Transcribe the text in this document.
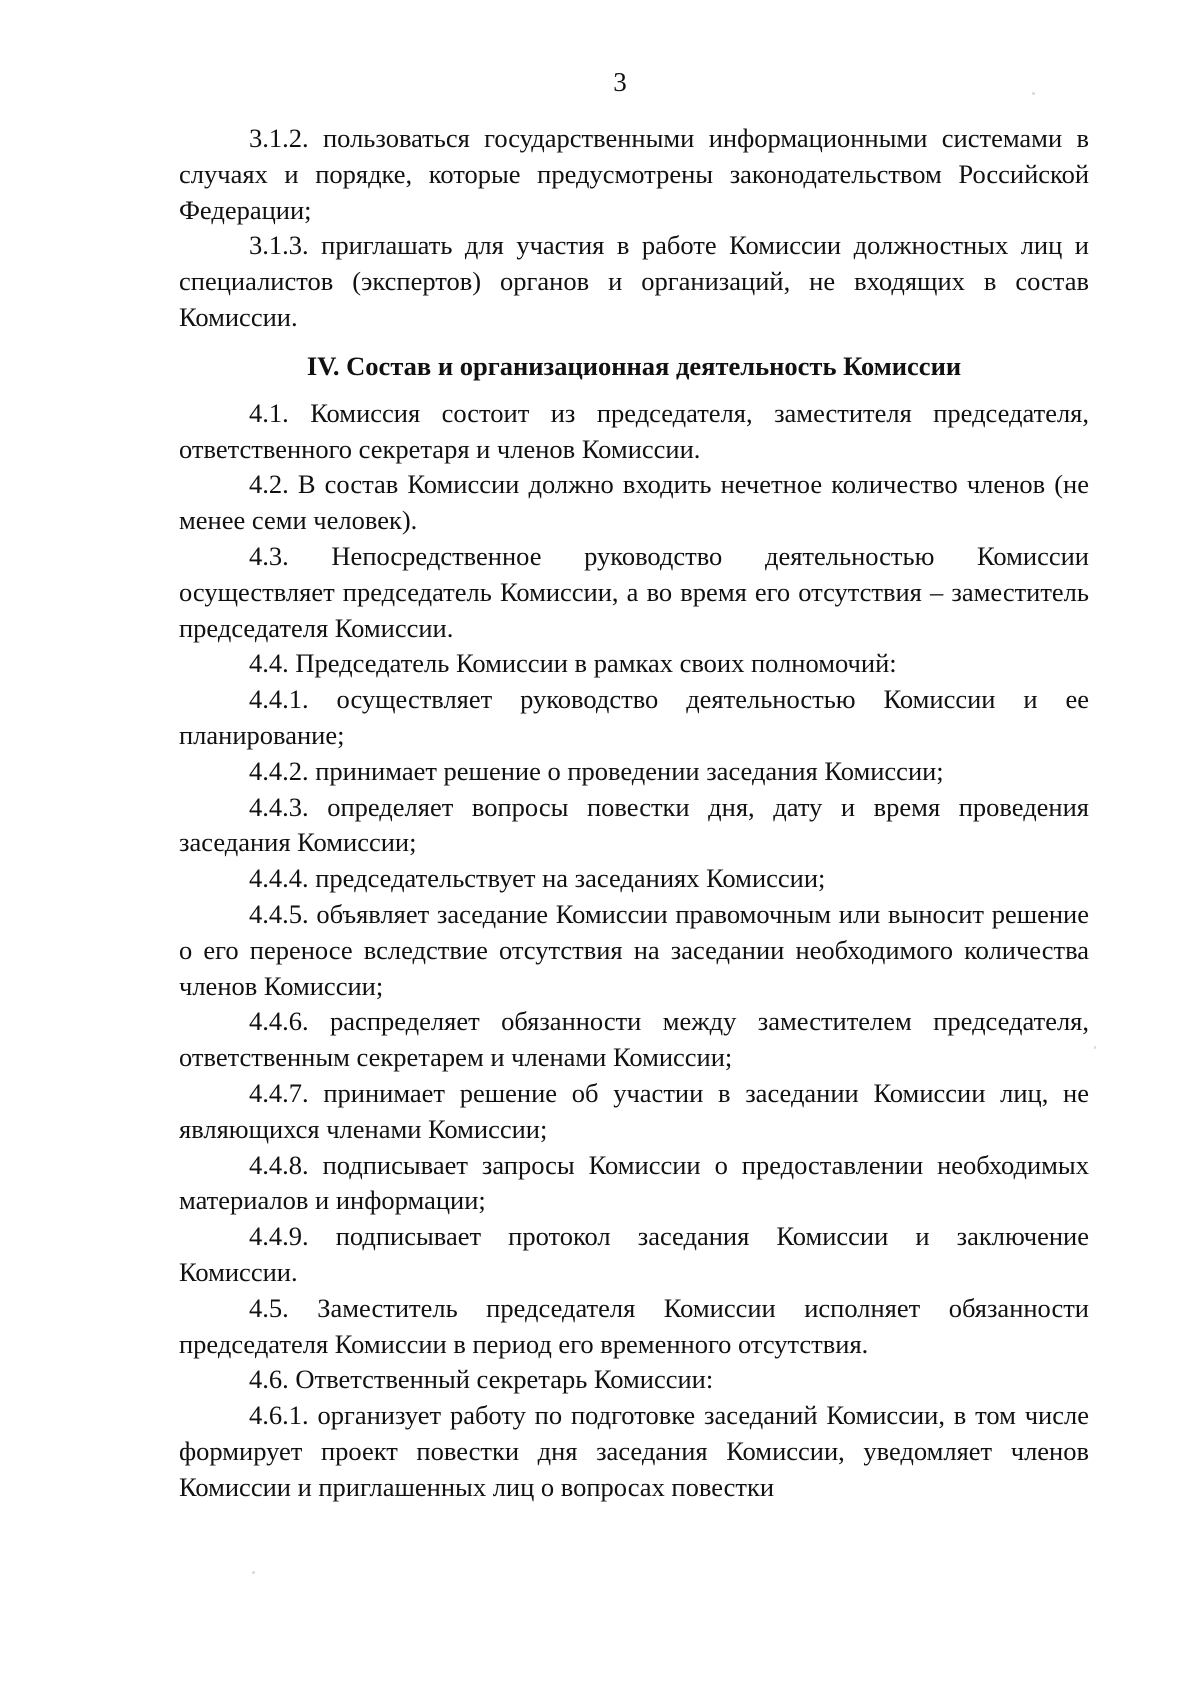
3

3.1.2. пользоваться государственными информационными системами в случаях и порядке, которые предусмотрены законодательством Российской Федерации;

3.1.3. приглашать для участия в работе Комиссии должностных лиц и специалистов (экспертов) органов и организаций, не входящих в состав Комиссии.

IV. Состав и организационная деятельность Комиссии

4.1. Комиссия состоит из председателя, заместителя председателя, ответственного секретаря и членов Комиссии.

4.2. В состав Комиссии должно входить нечетное количество членов (не менее семи человек).

4.3. Непосредственное руководство деятельностью Комиссии осуществляет председатель Комиссии, а во время его отсутствия – заместитель председателя Комиссии.

4.4. Председатель Комиссии в рамках своих полномочий:

4.4.1. осуществляет руководство деятельностью Комиссии и ее планирование;

4.4.2. принимает решение о проведении заседания Комиссии;

4.4.3. определяет вопросы повестки дня, дату и время проведения заседания Комиссии;

4.4.4. председательствует на заседаниях Комиссии;

4.4.5. объявляет заседание Комиссии правомочным или выносит решение о его переносе вследствие отсутствия на заседании необходимого количества членов Комиссии;

4.4.6. распределяет обязанности между заместителем председателя, ответственным секретарем и членами Комиссии;

4.4.7. принимает решение об участии в заседании Комиссии лиц, не являющихся членами Комиссии;

4.4.8. подписывает запросы Комиссии о предоставлении необходимых материалов и информации;

4.4.9. подписывает протокол заседания Комиссии и заключение Комиссии.

4.5. Заместитель председателя Комиссии исполняет обязанности председателя Комиссии в период его временного отсутствия.

4.6. Ответственный секретарь Комиссии:

4.6.1. организует работу по подготовке заседаний Комиссии, в том числе формирует проект повестки дня заседания Комиссии, уведомляет членов Комиссии и приглашенных лиц о вопросах повестки
